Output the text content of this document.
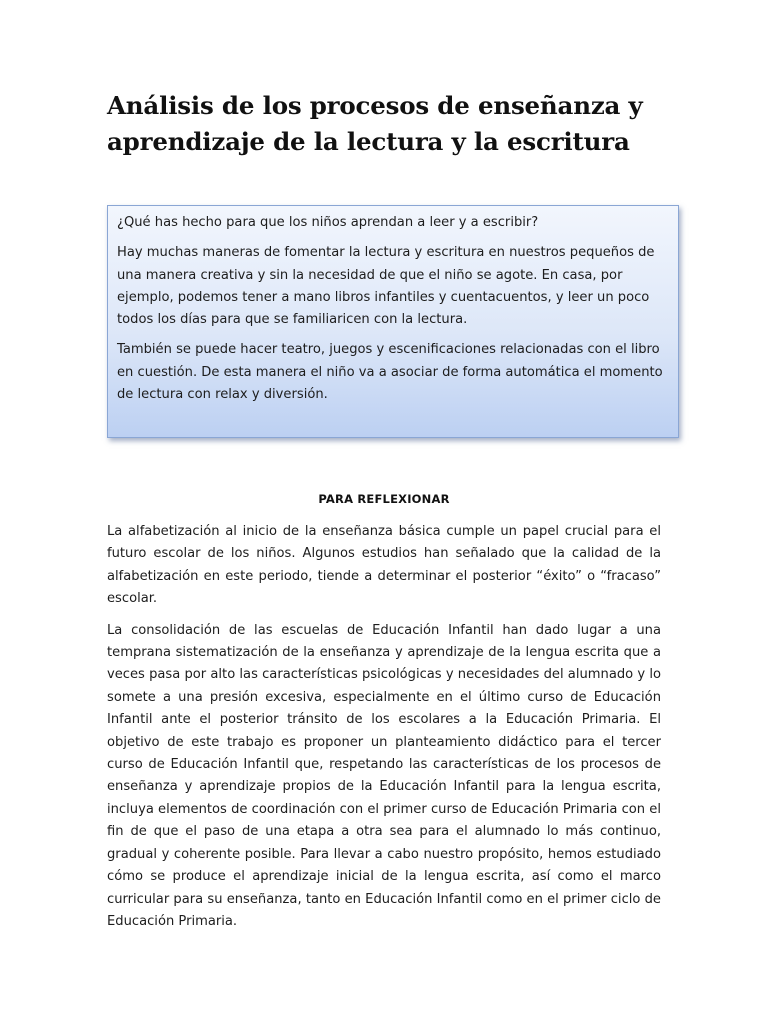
Análisis de los procesos de enseñanza y aprendizaje de la lectura y la escritura

¿Qué has hecho para que los niños aprendan a leer y a escribir?

Hay muchas maneras de fomentar la lectura y escritura en nuestros pequeños de una manera creativa y sin la necesidad de que el niño se agote. En casa, por ejemplo, podemos tener a mano libros infantiles y cuentacuentos, y leer un poco todos los días para que se familiaricen con la lectura.

También se puede hacer teatro, juegos y escenificaciones relacionadas con el libro en cuestión. De esta manera el niño va a asociar de forma automática el momento de lectura con relax y diversión.

PARA REFLEXIONAR

La alfabetización al inicio de la enseñanza básica cumple un papel crucial para el futuro escolar de los niños. Algunos estudios han señalado que la calidad de la alfabetización en este periodo, tiende a determinar el posterior “éxito” o “fracaso” escolar.

La consolidación de las escuelas de Educación Infantil han dado lugar a una temprana sistematización de la enseñanza y aprendizaje de la lengua escrita que a veces pasa por alto las características psicológicas y necesidades del alumnado y lo somete a una presión excesiva, especialmente en el último curso de Educación Infantil ante el posterior tránsito de los escolares a la Educación Primaria. El objetivo de este trabajo es proponer un planteamiento didáctico para el tercer curso de Educación Infantil que, respetando las características de los procesos de enseñanza y aprendizaje propios de la Educación Infantil para la lengua escrita, incluya elementos de coordinación con el primer curso de Educación Primaria con el fin de que el paso de una etapa a otra sea para el alumnado lo más continuo, gradual y coherente posible. Para llevar a cabo nuestro propósito, hemos estudiado cómo se produce el aprendizaje inicial de la lengua escrita, así como el marco curricular para su enseñanza, tanto en Educación Infantil como en el primer ciclo de Educación Primaria.
